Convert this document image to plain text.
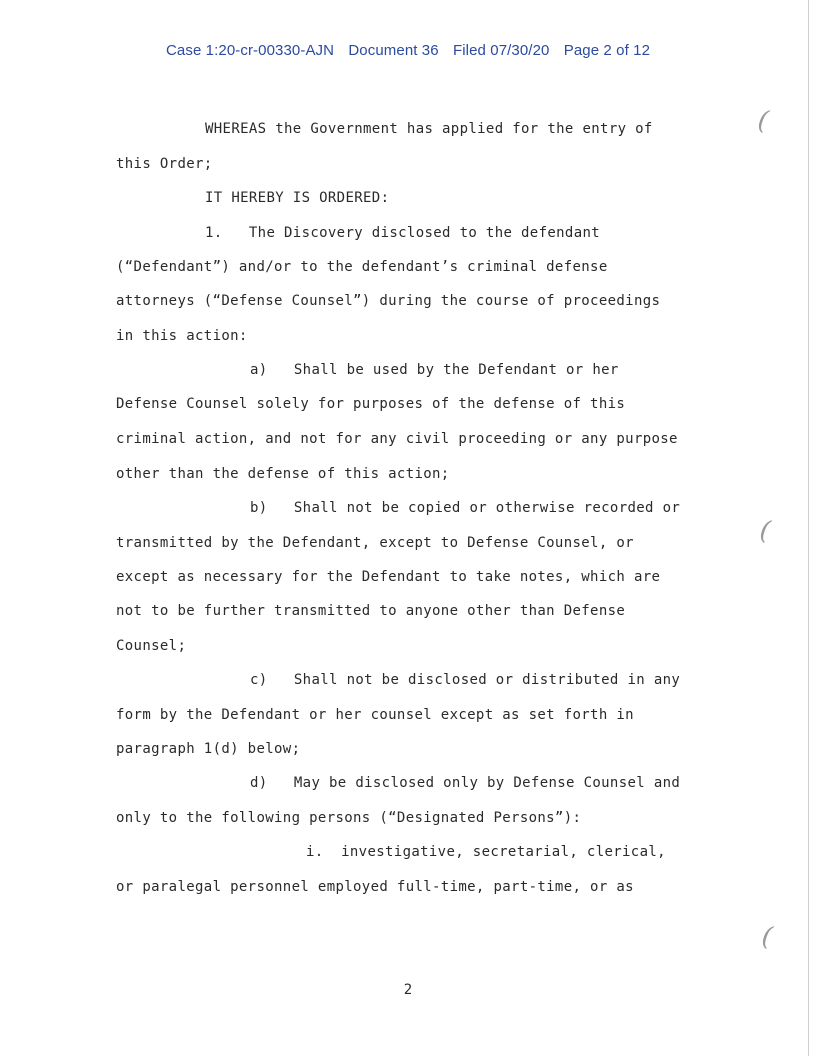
Case 1:20-cr-00330-AJN Document 36 Filed 07/30/20 Page 2 of 12
WHEREAS the Government has applied for the entry of
this Order;
IT HEREBY IS ORDERED:
1.   The Discovery disclosed to the defendant
(“Defendant”) and/or to the defendant’s criminal defense
attorneys (“Defense Counsel”) during the course of proceedings
in this action:
a)   Shall be used by the Defendant or her
Defense Counsel solely for purposes of the defense of this
criminal action, and not for any civil proceeding or any purpose
other than the defense of this action;
b)   Shall not be copied or otherwise recorded or
transmitted by the Defendant, except to Defense Counsel, or
except as necessary for the Defendant to take notes, which are
not to be further transmitted to anyone other than Defense
Counsel;
c)   Shall not be disclosed or distributed in any
form by the Defendant or her counsel except as set forth in
paragraph 1(d) below;
d)   May be disclosed only by Defense Counsel and
only to the following persons (“Designated Persons”):
i.  investigative, secretarial, clerical,
or paralegal personnel employed full-time, part-time, or as
(
(
(
2
